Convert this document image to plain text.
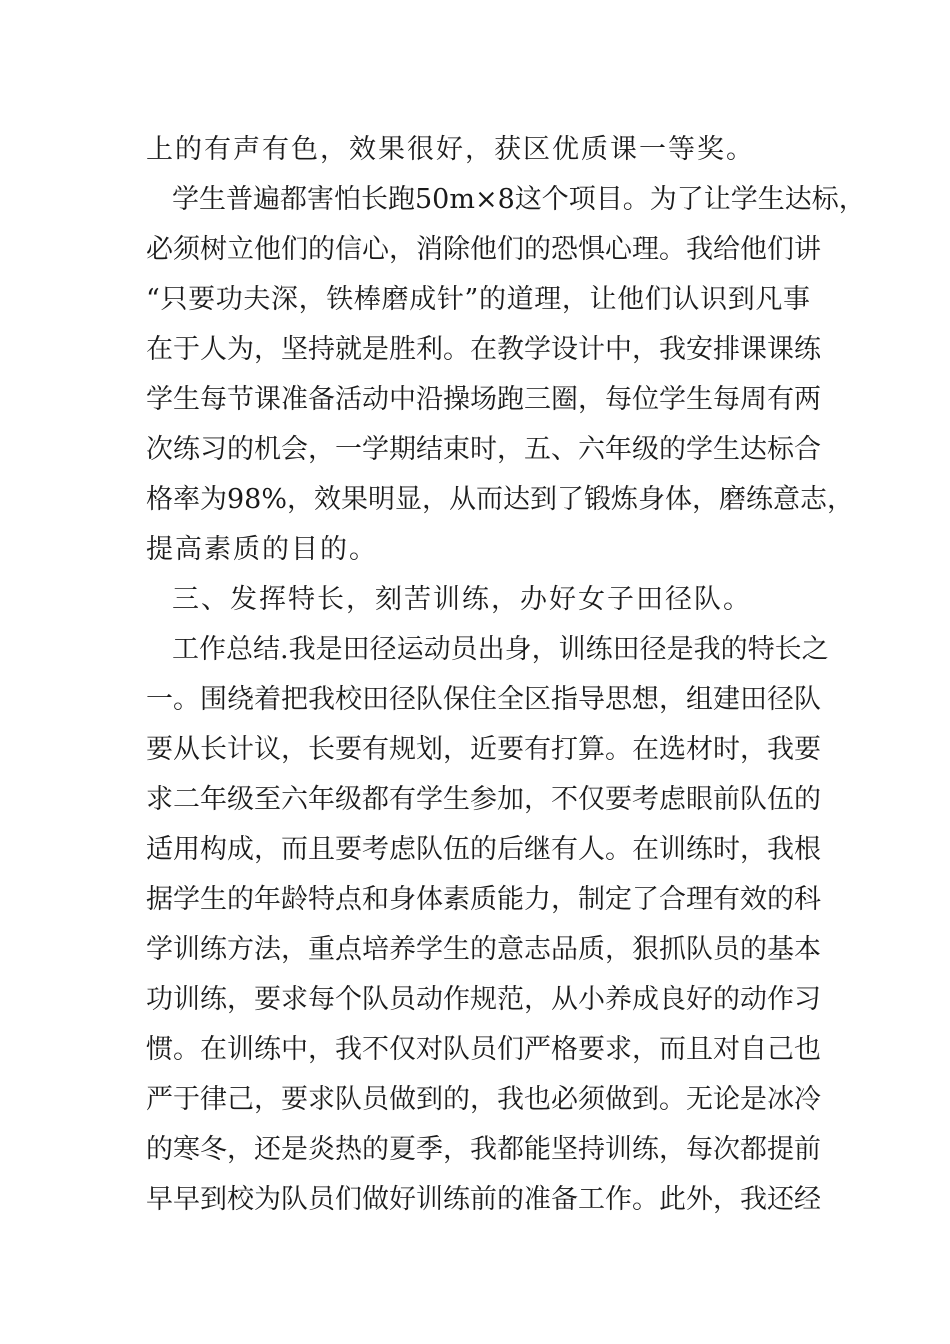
上的有声有色，效果很好，获区优质课一等奖。
学生普遍都害怕长跑50m×8这个项目。为了让学生达标，
必须树立他们的信心，消除他们的恐惧心理。我给他们讲
“只要功夫深，铁棒磨成针”的道理，让他们认识到凡事
在于人为，坚持就是胜利。在教学设计中，我安排课课练
学生每节课准备活动中沿操场跑三圈，每位学生每周有两
次练习的机会，一学期结束时，五、六年级的学生达标合
格率为98%，效果明显，从而达到了锻炼身体，磨练意志，
提高素质的目的。
三、发挥特长，刻苦训练，办好女子田径队。
工作总结.我是田径运动员出身，训练田径是我的特长之
一。围绕着把我校田径队保住全区指导思想，组建田径队
要从长计议，长要有规划，近要有打算。在选材时，我要
求二年级至六年级都有学生参加，不仅要考虑眼前队伍的
适用构成，而且要考虑队伍的后继有人。在训练时，我根
据学生的年龄特点和身体素质能力，制定了合理有效的科
学训练方法，重点培养学生的意志品质，狠抓队员的基本
功训练，要求每个队员动作规范，从小养成良好的动作习
惯。在训练中，我不仅对队员们严格要求，而且对自己也
严于律己，要求队员做到的，我也必须做到。无论是冰冷
的寒冬，还是炎热的夏季，我都能坚持训练，每次都提前
早早到校为队员们做好训练前的准备工作。此外，我还经
